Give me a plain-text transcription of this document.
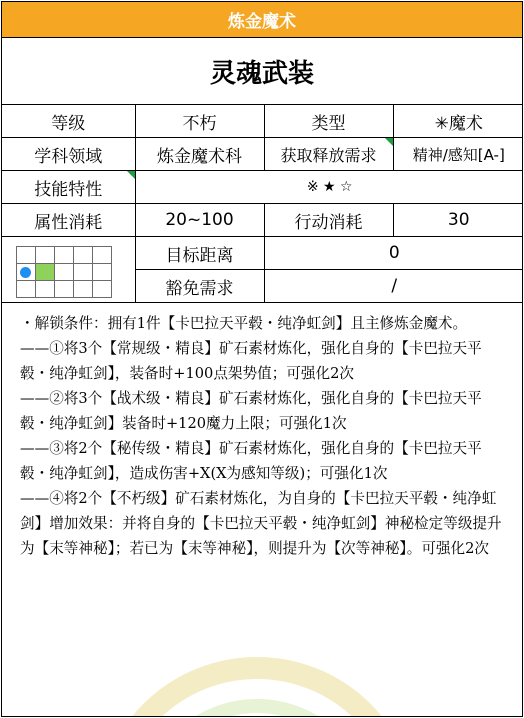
炼金魔术
灵魂武装
等级	不朽	类型	✳魔术
学科领域	炼金魔术科	获取释放需求	精神/感知[A-]
技能特性	※ ★ ☆		
属性消耗	20~100	行动消耗	30

	目标距离	0	
	豁免需求	/	

・解锁条件：拥有1件【卡巴拉天平毂・纯净虹剑】且主修炼金魔术。

——①将3个【常规级・精良】矿石素材炼化，强化自身的【卡巴拉天平毂・纯净虹剑】，装备时+100点架势值；可强化2次

——②将3个【战术级・精良】矿石素材炼化，强化自身的【卡巴拉天平毂・纯净虹剑】装备时+120魔力上限；可强化1次

——③将2个【秘传级・精良】矿石素材炼化，强化自身的【卡巴拉天平毂・纯净虹剑】，造成伤害+X(X为感知等级)；可强化1次

——④将2个【不朽级】矿石素材炼化，为自身的【卡巴拉天平毂・纯净虹剑】增加效果：并将自身的【卡巴拉天平毂・纯净虹剑】神秘检定等级提升为【末等神秘】；若已为【末等神秘】，则提升为【次等神秘】。可强化2次
